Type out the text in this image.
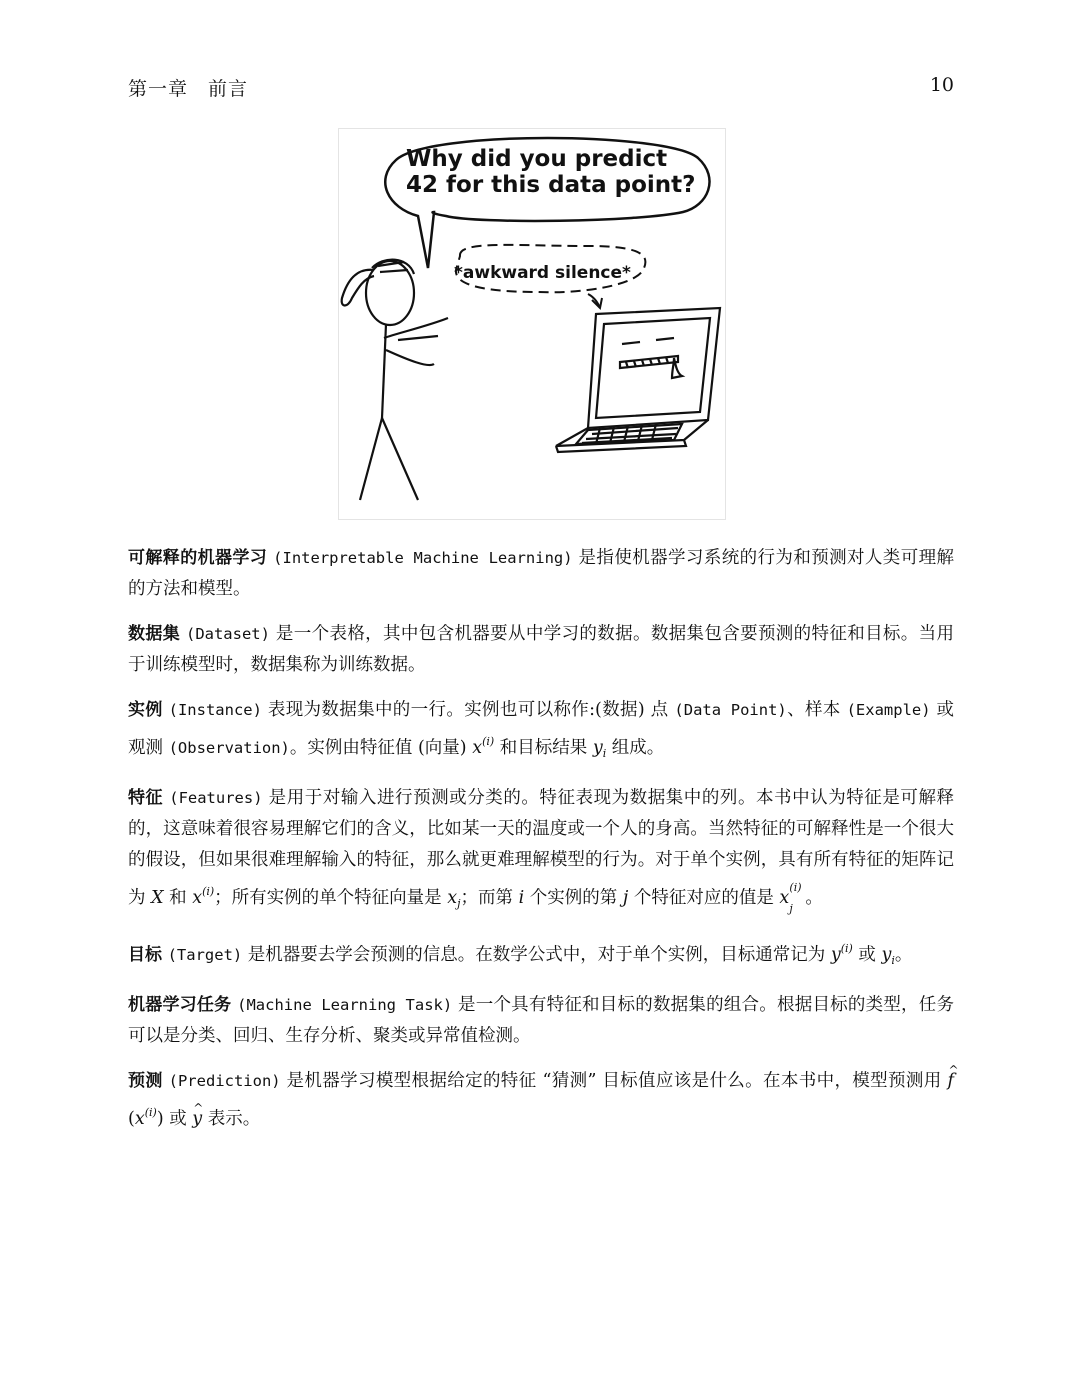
第一章　前言	10
Why did you predict
42 for this data point?
*awkward silence*

可解释的机器学习 (Interpretable Machine Learning) 是指使机器学习系统的行为和预测对人类可理解的方法和模型。

数据集 (Dataset) 是一个表格，其中包含机器要从中学习的数据。数据集包含要预测的特征和目标。当用于训练模型时，数据集称为训练数据。

实例 (Instance) 表现为数据集中的一行。实例也可以称作:(数据) 点 (Data Point)、样本 (Example) 或观测 (Observation)。实例由特征值 (向量) $x^{(i)}$ 和目标结果 $y_i$ 组成。

特征 (Features) 是用于对输入进行预测或分类的。特征表现为数据集中的列。本书中认为特征是可解释的，这意味着很容易理解它们的含义，比如某一天的温度或一个人的身高。当然特征的可解释性是一个很大的假设，但如果很难理解输入的特征，那么就更难理解模型的行为。对于单个实例，具有所有特征的矩阵记为 X 和 $x^{(i)}$；所有实例的单个特征向量是 $x_j$；而第 i 个实例的第 j 个特征对应的值是 x
(i)
j
。

目标 (Target) 是机器要去学会预测的信息。在数学公式中，对于单个实例，目标通常记为 $y^{(i)}$ 或 $y_i$。

机器学习任务 (Machine Learning Task) 是一个具有特征和目标的数据集的组合。根据目标的类型，任务可以是分类、回归、生存分析、聚类或异常值检测。

预测 (Prediction) 是机器学习模型根据给定的特征 “猜测” 目标值应该是什么。在本书中，模型预测用 ^ $f(x^{(i)})$ 或 ^ y 表示。
